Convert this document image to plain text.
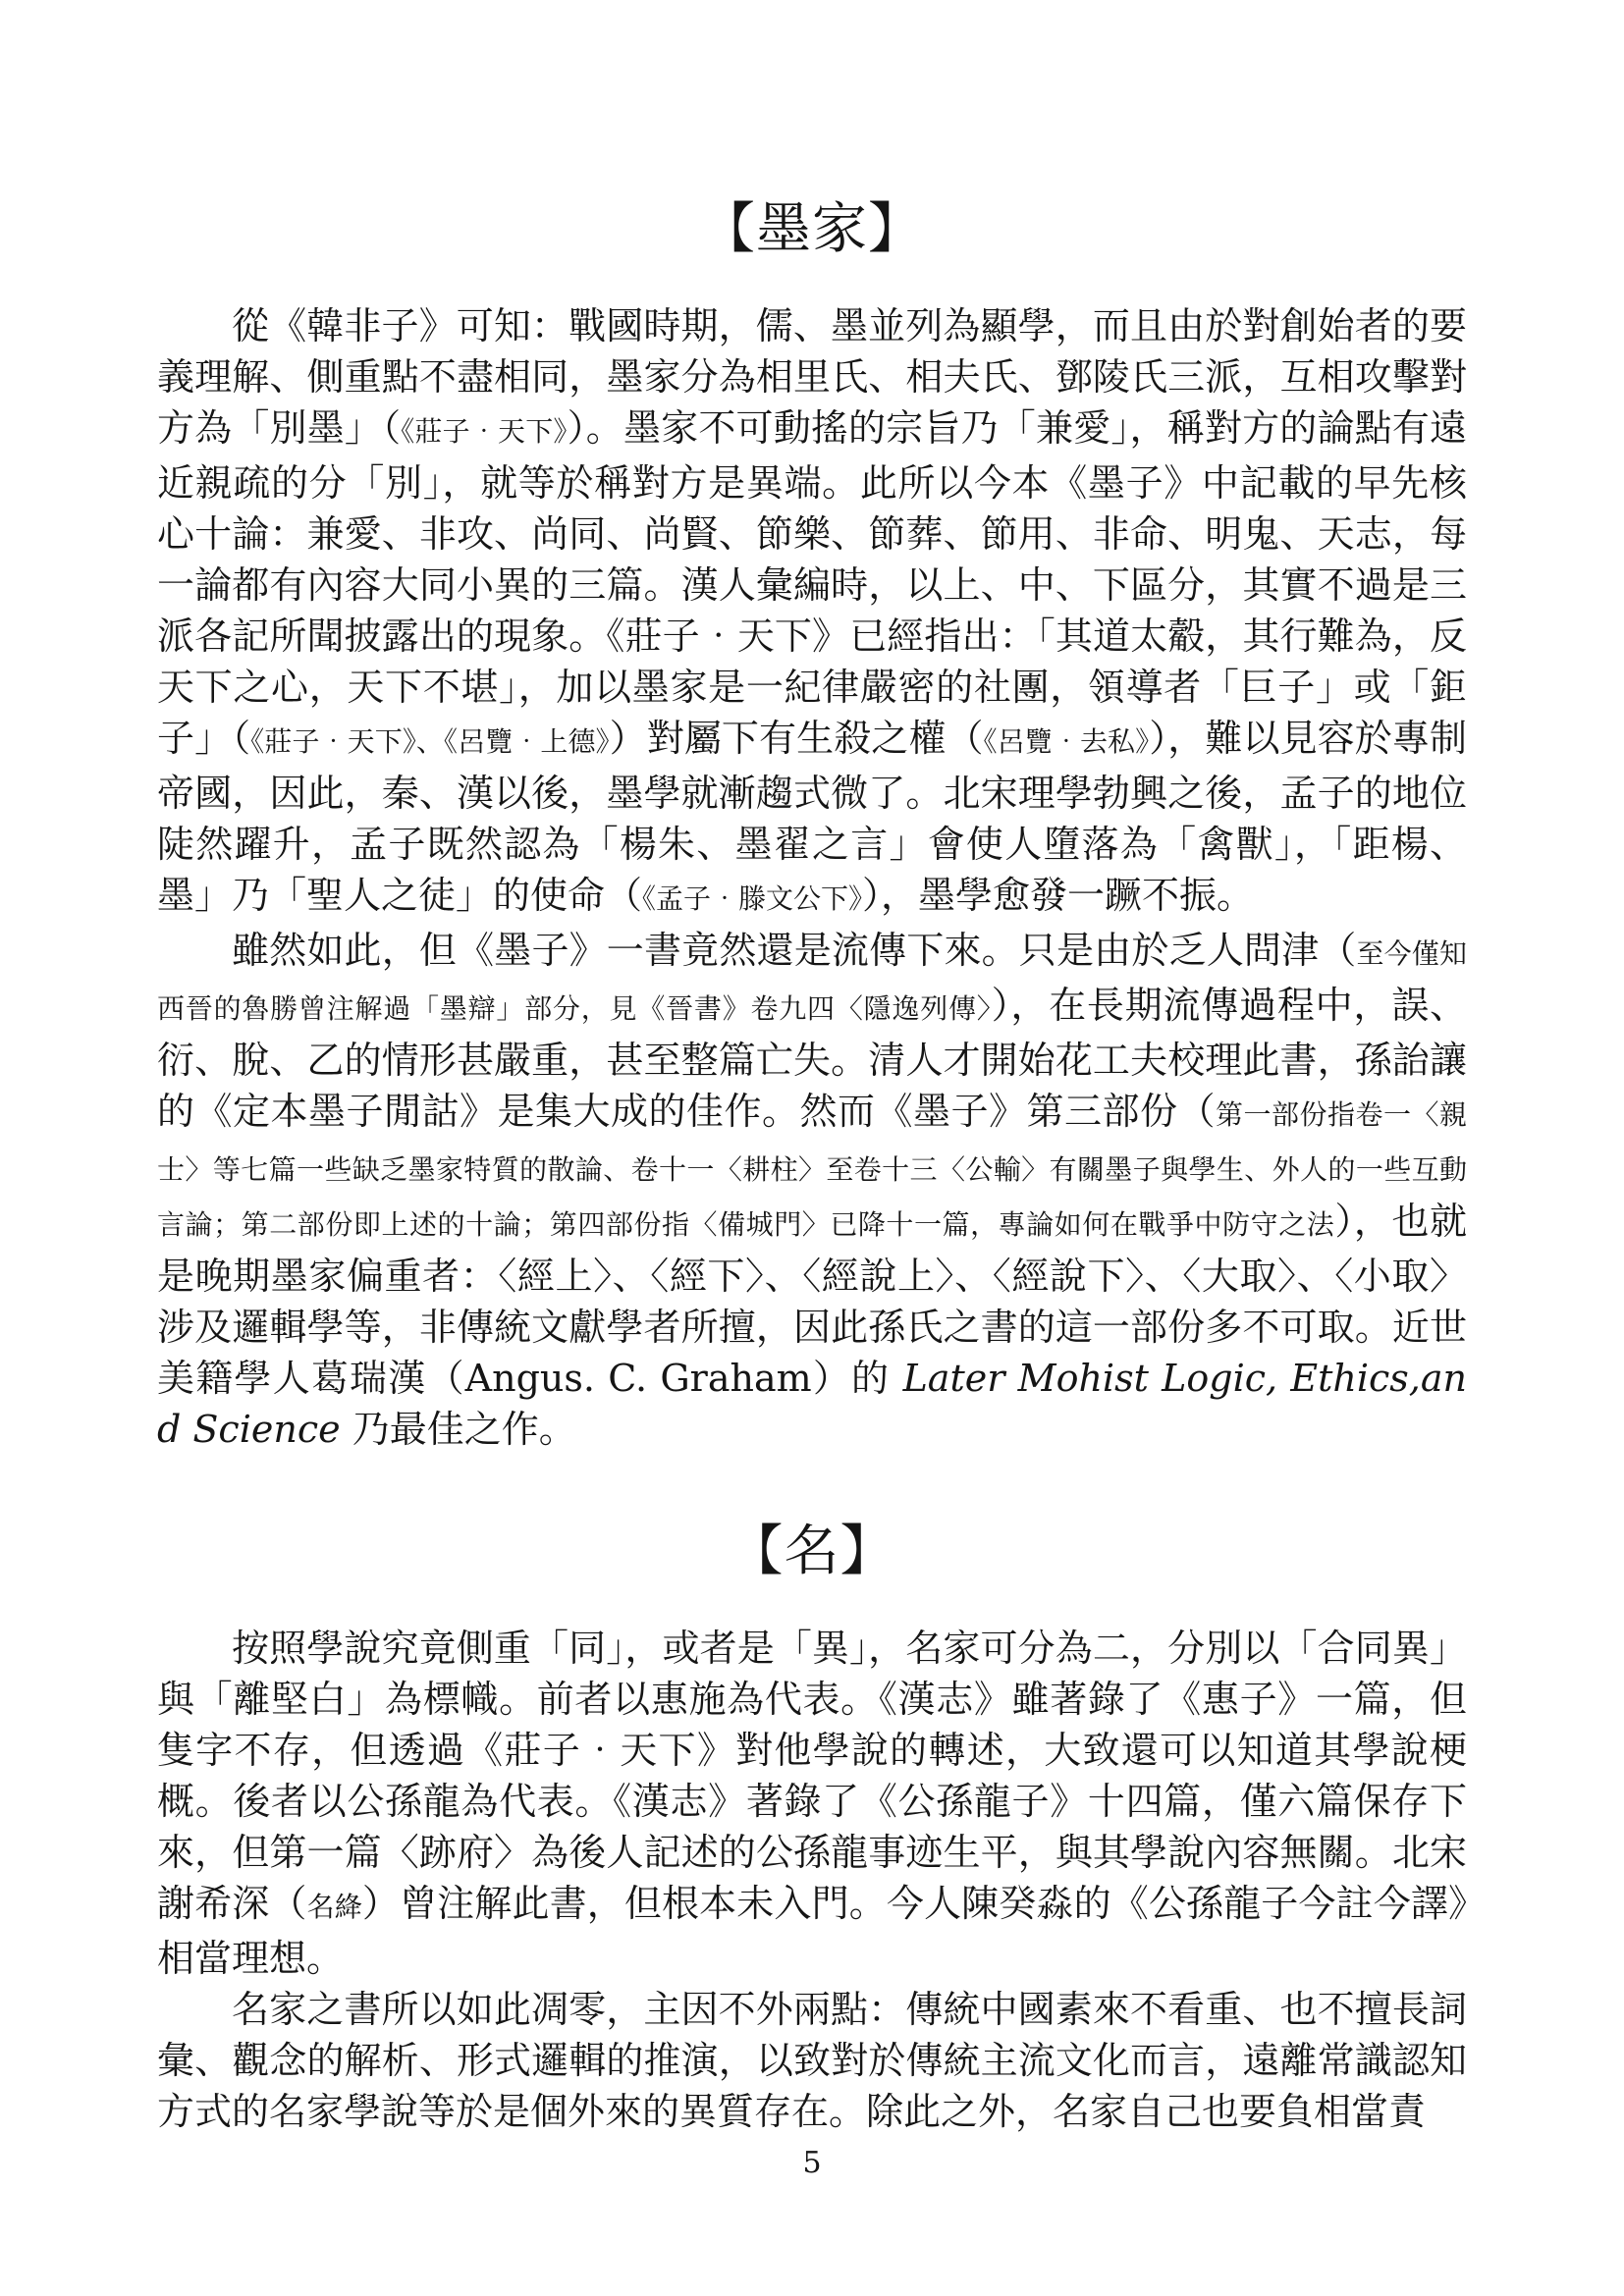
【墨家】

從《韓非子》可知：戰國時期，儒、墨並列為顯學，而且由於對創始者的要義理解、側重點不盡相同，墨家分為相里氏、相夫氏、鄧陵氏三派，互相攻擊對方為「別墨」（《莊子‧天下》）。墨家不可動搖的宗旨乃「兼愛」，稱對方的論點有遠近親疏的分「別」，就等於稱對方是異端。此所以今本《墨子》中記載的早先核心十論：兼愛、非攻、尚同、尚賢、節樂、節葬、節用、非命、明鬼、天志，每一論都有內容大同小異的三篇。漢人彙編時，以上、中、下區分，其實不過是三派各記所聞披露出的現象。《莊子‧天下》已經指出：「其道太觳，其行難為，反天下之心，天下不堪」，加以墨家是一紀律嚴密的社團，領導者「巨子」或「鉅子」（《莊子‧天下》、《呂覽‧上德》）對屬下有生殺之權（《呂覽‧去私》），難以見容於專制帝國，因此，秦、漢以後，墨學就漸趨式微了。北宋理學勃興之後，孟子的地位陡然躍升，孟子既然認為「楊朱、墨翟之言」會使人墮落為「禽獸」，「距楊、墨」乃「聖人之徒」的使命（《孟子‧滕文公下》），墨學愈發一蹶不振。

雖然如此，但《墨子》一書竟然還是流傳下來。只是由於乏人問津（至今僅知西晉的魯勝曾注解過「墨辯」部分，見《晉書》卷九四〈隱逸列傳〉），在長期流傳過程中，誤、衍、脫、乙的情形甚嚴重，甚至整篇亡失。清人才開始花工夫校理此書，孫詒讓的《定本墨子閒詁》是集大成的佳作。然而《墨子》第三部份（第一部份指卷一〈親士〉等七篇一些缺乏墨家特質的散論、卷十一〈耕柱〉至卷十三〈公輸〉有關墨子與學生、外人的一些互動言論；第二部份即上述的十論；第四部份指〈備城門〉已降十一篇，專論如何在戰爭中防守之法），也就是晚期墨家偏重者：〈經上〉、〈經下〉、〈經說上〉、〈經說下〉、〈大取〉、〈小取〉涉及邏輯學等，非傳統文獻學者所擅，因此孫氏之書的這一部份多不可取。近世美籍學人葛瑞漢（Angus. C. Graham）的 Later Mohist Logic, Ethics,and Science 乃最佳之作。

【名】

按照學說究竟側重「同」，或者是「異」，名家可分為二，分別以「合同異」與「離堅白」為標幟。前者以惠施為代表。《漢志》雖著錄了《惠子》一篇，但隻字不存，但透過《莊子‧天下》對他學說的轉述，大致還可以知道其學說梗概。後者以公孫龍為代表。《漢志》著錄了《公孫龍子》十四篇，僅六篇保存下來，但第一篇〈跡府〉為後人記述的公孫龍事迹生平，與其學說內容無關。北宋謝希深（名絳）曾注解此書，但根本未入門。今人陳癸淼的《公孫龍子今註今譯》相當理想。

名家之書所以如此凋零，主因不外兩點：傳統中國素來不看重、也不擅長詞彙、觀念的解析、形式邏輯的推演，以致對於傳統主流文化而言，遠離常識認知方式的名家學說等於是個外來的異質存在。除此之外，名家自己也要負相當責

5
